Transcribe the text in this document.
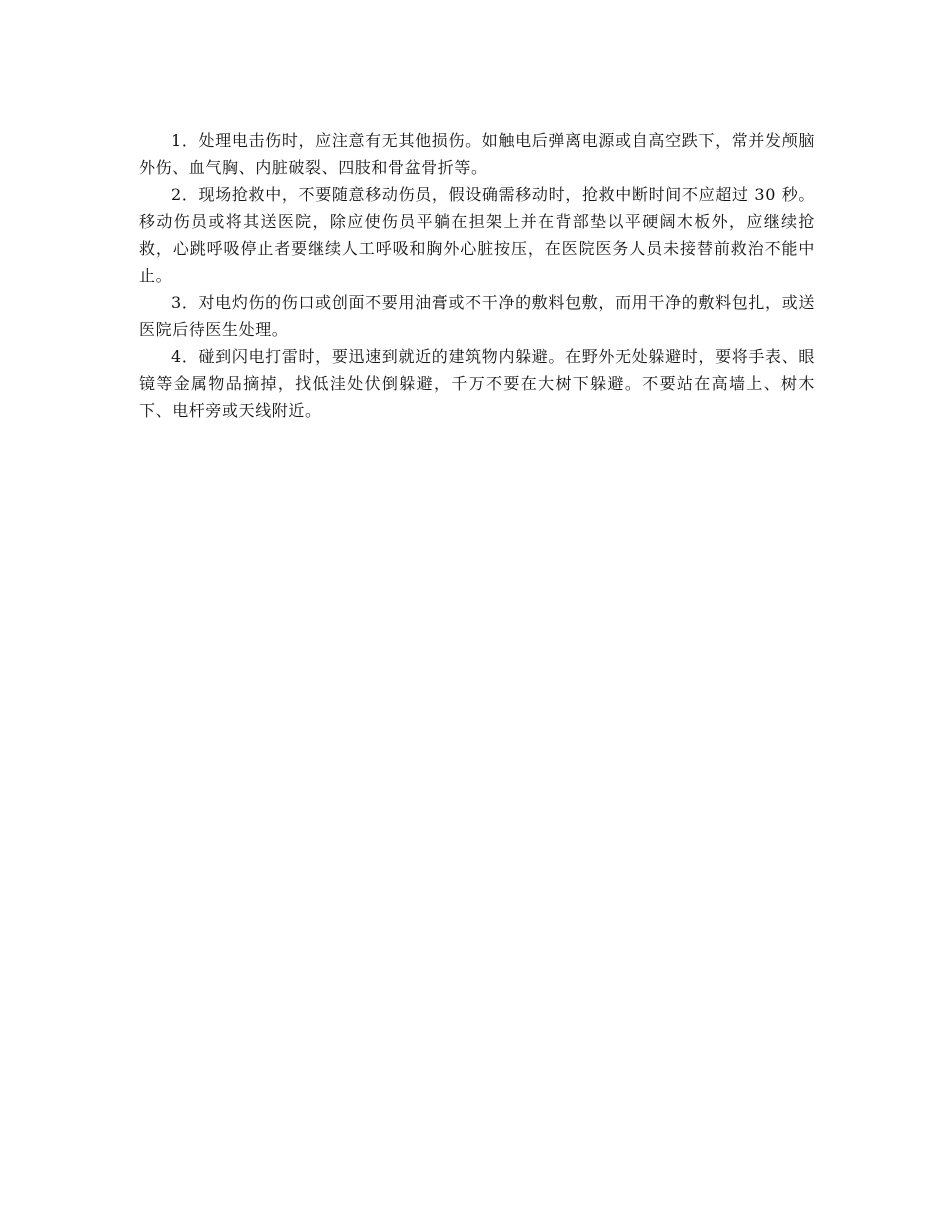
1．处理电击伤时，应注意有无其他损伤。如触电后弹离电源或自高空跌下，常并发颅脑外伤、血气胸、内脏破裂、四肢和骨盆骨折等。

2．现场抢救中，不要随意移动伤员，假设确需移动时，抢救中断时间不应超过 30 秒。移动伤员或将其送医院，除应使伤员平躺在担架上并在背部垫以平硬阔木板外，应继续抢救，心跳呼吸停止者要继续人工呼吸和胸外心脏按压，在医院医务人员未接替前救治不能中止。

3．对电灼伤的伤口或创面不要用油膏或不干净的敷料包敷，而用干净的敷料包扎，或送医院后待医生处理。

4．碰到闪电打雷时，要迅速到就近的建筑物内躲避。在野外无处躲避时，要将手表、眼镜等金属物品摘掉，找低洼处伏倒躲避，千万不要在大树下躲避。不要站在高墙上、树木下、电杆旁或天线附近。
